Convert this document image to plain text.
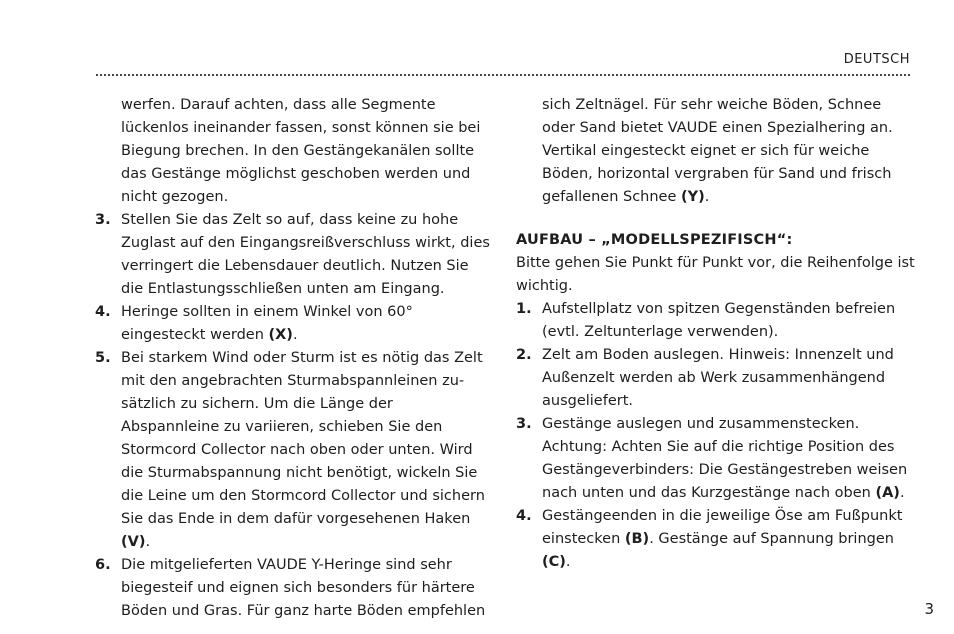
DEUTSCH

werfen. Darauf achten, dass alle Segmente lückenlos ineinander fassen, sonst können sie bei Biegung brechen. In den Gestängekanälen sollte das Gestänge möglichst geschoben werden und nicht gezogen.

3. Stellen Sie das Zelt so auf, dass keine zu hohe Zuglast auf den Eingangsreißverschluss wirkt, dies verringert die Lebensdauer deutlich. Nutzen Sie die Entlastungsschließen unten am Eingang.
4. Heringe sollten in einem Winkel von 60° eingesteckt werden (X).
5. Bei starkem Wind oder Sturm ist es nötig das Zelt mit den angebrachten Sturmabspannleinen zu-sätzlich zu sichern. Um die Länge der Abspannleine zu variieren, schieben Sie den Stormcord Collector nach oben oder unten. Wird die Sturmabspannung nicht benötigt, wickeln Sie die Leine um den Stormcord Collector und sichern Sie das Ende in dem dafür vorgesehenen Haken (V).
6. Die mitgelieferten VAUDE Y-Heringe sind sehr biegesteif und eignen sich besonders für härtere Böden und Gras. Für ganz harte Böden empfehlen

sich Zeltnägel. Für sehr weiche Böden, Schnee oder Sand bietet VAUDE einen Spezialhering an. Vertikal eingesteckt eignet er sich für weiche Böden, horizontal vergraben für Sand und frisch gefallenen Schnee (Y).

AUFBAU – „MODELLSPEZIFISCH“:

Bitte gehen Sie Punkt für Punkt vor, die Reihenfolge ist wichtig.

1. Aufstellplatz von spitzen Gegenständen befreien (evtl. Zeltunterlage verwenden).
2. Zelt am Boden auslegen. Hinweis: Innenzelt und Außenzelt werden ab Werk zusammenhängend ausgeliefert.
3. Gestänge auslegen und zusammenstecken. Achtung: Achten Sie auf die richtige Position des Gestängeverbinders: Die Gestängestreben weisen nach unten und das Kurzgestänge nach oben (A).
4. Gestängeenden in die jeweilige Öse am Fußpunkt einstecken (B). Gestänge auf Spannung bringen (C).
3
